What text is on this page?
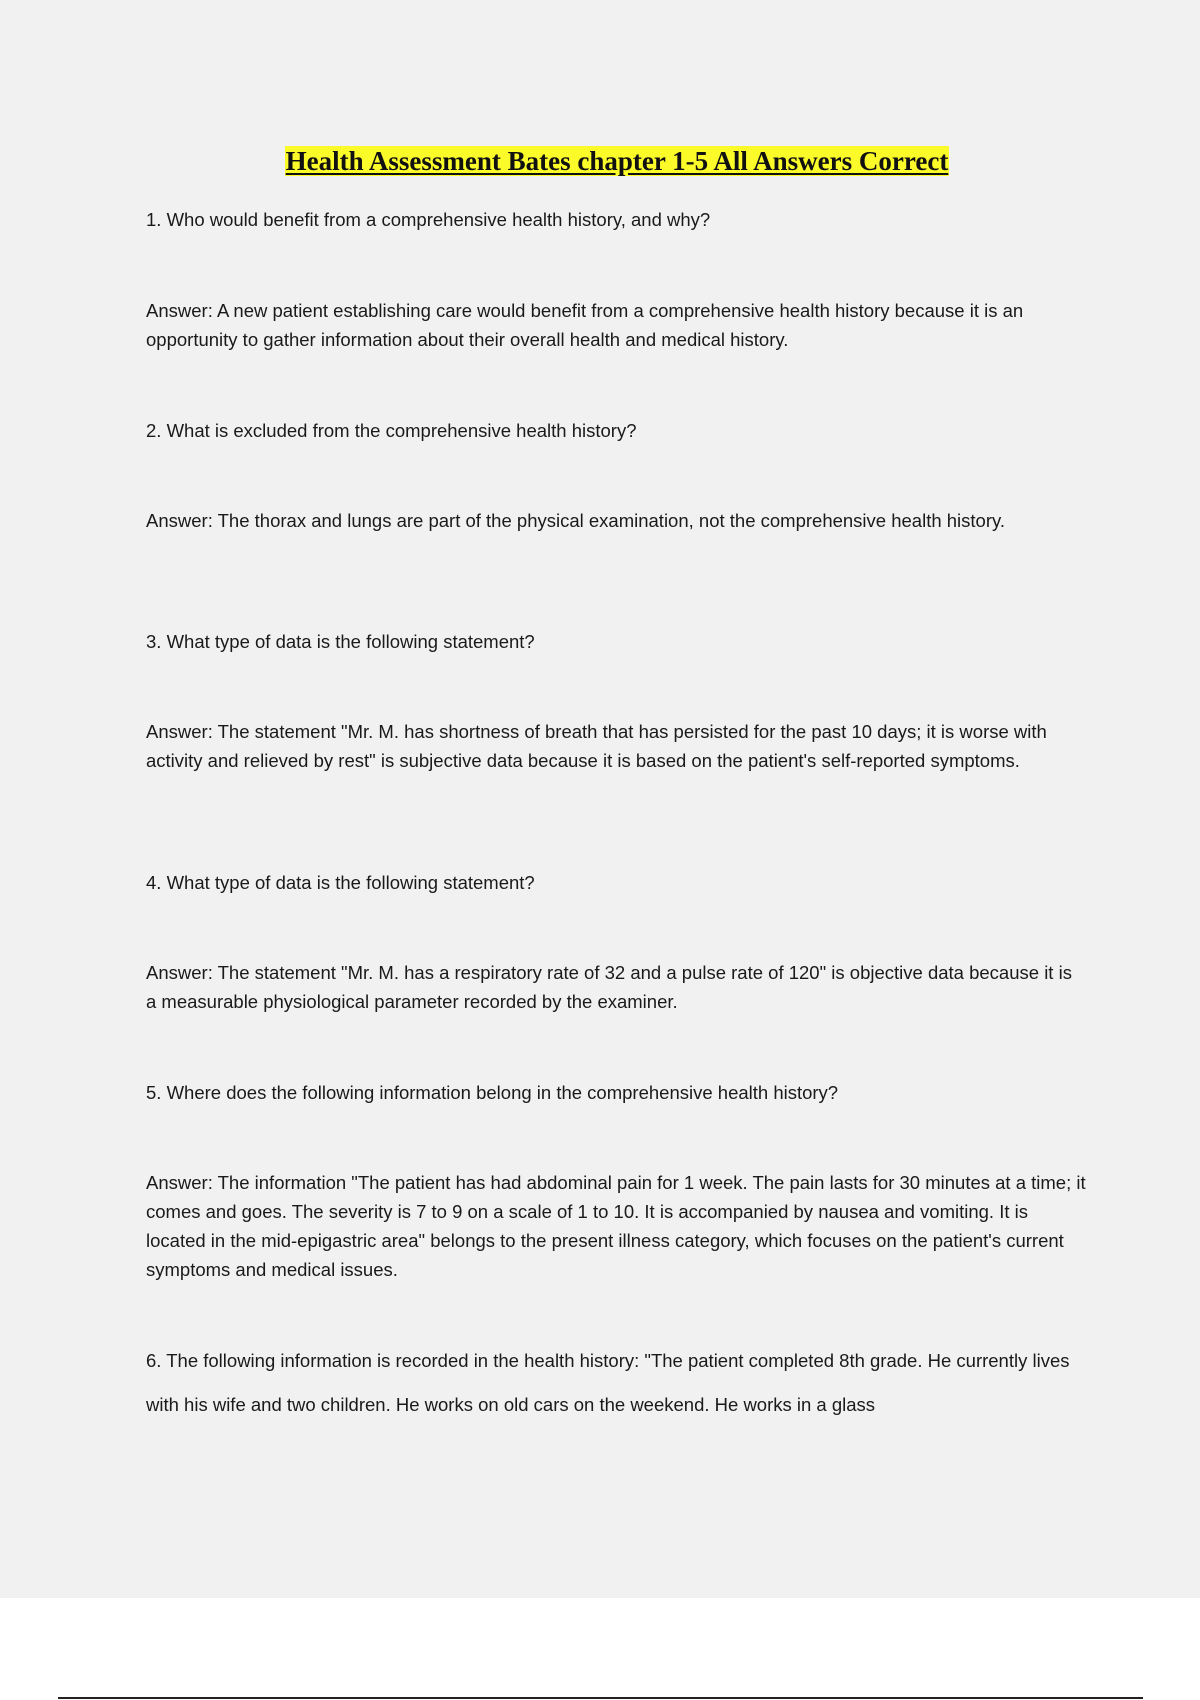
Health Assessment Bates chapter 1-5 All Answers Correct

1. Who would benefit from a comprehensive health history, and why?

Answer: A new patient establishing care would benefit from a comprehensive health history because it is an opportunity to gather information about their overall health and medical history.

2. What is excluded from the comprehensive health history?

Answer: The thorax and lungs are part of the physical examination, not the comprehensive health history.

3. What type of data is the following statement?

Answer: The statement "Mr. M. has shortness of breath that has persisted for the past 10 days; it is worse with activity and relieved by rest" is subjective data because it is based on the patient's self-reported symptoms.

4. What type of data is the following statement?

Answer: The statement "Mr. M. has a respiratory rate of 32 and a pulse rate of 120" is objective data because it is a measurable physiological parameter recorded by the examiner.

5. Where does the following information belong in the comprehensive health history?

Answer: The information "The patient has had abdominal pain for 1 week. The pain lasts for 30 minutes at a time; it comes and goes. The severity is 7 to 9 on a scale of 1 to 10. It is accompanied by nausea and vomiting. It is located in the mid-epigastric area" belongs to the present illness category, which focuses on the patient's current symptoms and medical issues.

6. The following information is recorded in the health history: "The patient completed 8th grade. He currently lives with his wife and two children. He works on old cars on the weekend. He works in a glass
